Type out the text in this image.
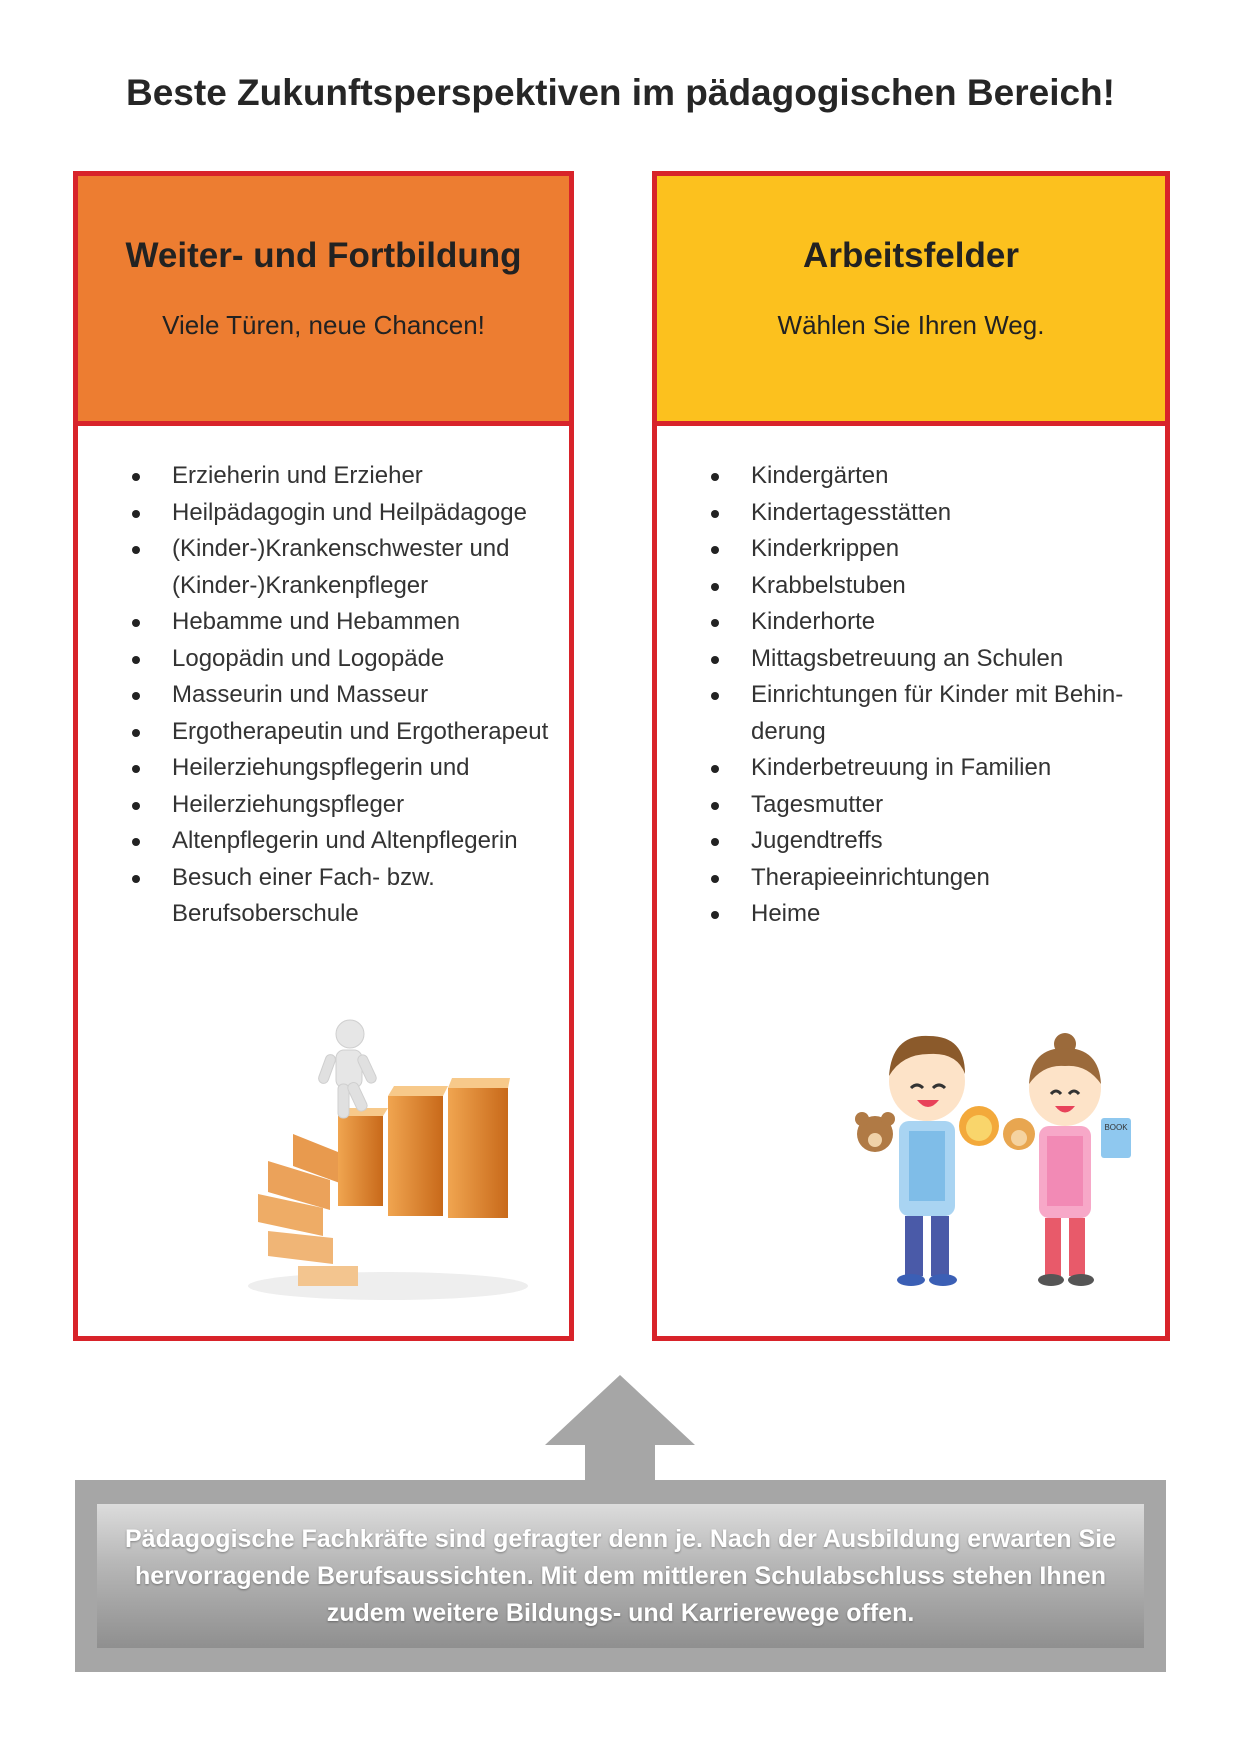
Beste Zukunftsperspektiven im pädagogischen Bereich!
Weiter- und Fortbildung

Viele Türen, neue Chancen!

Erzieherin und Erzieher
Heilpädagogin und Heilpädagoge
(Kinder-)Krankenschwester und (Kinder-)Krankenpfleger
Hebamme und Hebammen
Logopädin und Logopäde
Masseurin und Masseur
Ergotherapeutin und Ergotherapeut
Heilerziehungspflegerin und
Heilerziehungspfleger
Altenpflegerin und Altenpflegerin
Besuch einer Fach- bzw. Berufsoberschule
Arbeitsfelder

Wählen Sie Ihren Weg.

Kindergärten
Kindertagesstätten
Kinderkrippen
Krabbelstuben
Kinderhorte
Mittagsbetreuung an Schulen
Einrichtungen für Kinder mit Behin-derung
Kinderbetreuung in Familien
Tagesmutter
Jugendtreffs
Therapieeinrichtungen
Heime
BOOK

Pädagogische Fachkräfte sind gefragter denn je. Nach der Ausbildung erwarten Sie hervorragende Berufsaussichten. Mit dem mittleren Schulabschluss stehen Ihnen zudem weitere Bildungs- und Karrierewege offen.
